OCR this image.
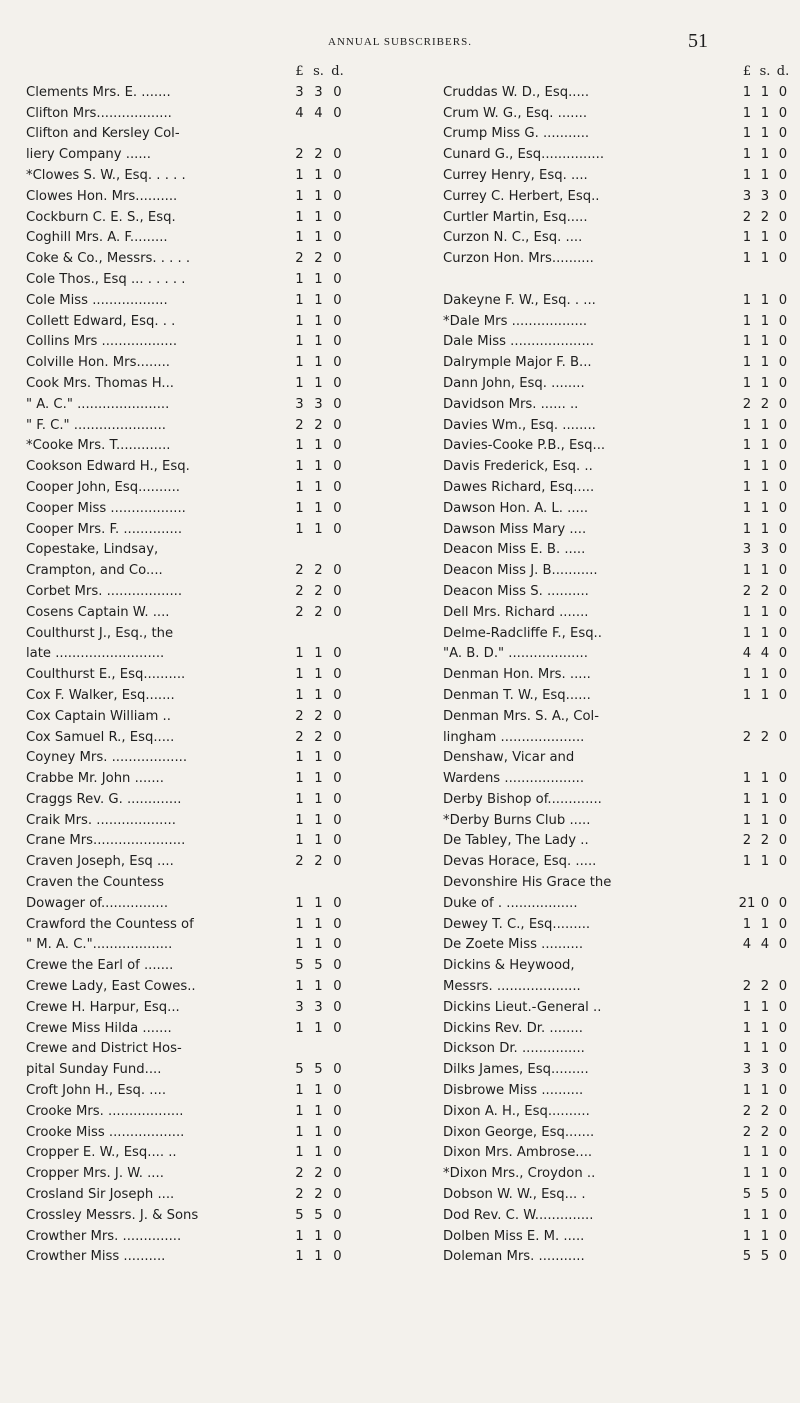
ANNUAL SUBSCRIBERS.	51
£ s. d.
Clements Mrs. E. .......	3 3 0
Clifton Mrs..................	4 4 0
Clifton and Kersley Col-
liery Company ......	2 2 0
*Clowes S. W., Esq. . . . .	1 1 0
Clowes Hon. Mrs..........	1 1 0
Cockburn C. E. S., Esq.	1 1 0
Coghill Mrs. A. F.........	1 1 0
Coke & Co., Messrs. . . . .	2 2 0
Cole Thos., Esq ... . . . . .	1 1 0
Cole Miss ..................	1 1 0
Collett Edward, Esq. . .	1 1 0
Collins Mrs ..................	1 1 0
Colville Hon. Mrs........	1 1 0
Cook Mrs. Thomas H...	1 1 0
" A. C." ......................	3 3 0
" F. C." ......................	2 2 0
*Cooke Mrs. T.............	1 1 0
Cookson Edward H., Esq.	1 1 0
Cooper John, Esq..........	1 1 0
Cooper Miss ..................	1 1 0
Cooper Mrs. F. ..............	1 1 0
Copestake, Lindsay,
Crampton, and Co....	2 2 0
Corbet Mrs. ..................	2 2 0
Cosens Captain W. ....	2 2 0
Coulthurst J., Esq., the
late ..........................	1 1 0
Coulthurst E., Esq..........	1 1 0
Cox F. Walker, Esq.......	1 1 0
Cox Captain William ..	2 2 0
Cox Samuel R., Esq.....	2 2 0
Coyney Mrs. ..................	1 1 0
Crabbe Mr. John .......	1 1 0
Craggs Rev. G. .............	1 1 0
Craik Mrs. ...................	1 1 0
Crane Mrs......................	1 1 0
Craven Joseph, Esq ....	2 2 0
Craven the Countess
Dowager of................	1 1 0
Crawford the Countess of	1 1 0
" M. A. C."...................	1 1 0
Crewe the Earl of .......	5 5 0
Crewe Lady, East Cowes..	1 1 0
Crewe H. Harpur, Esq...	3 3 0
Crewe Miss Hilda .......	1 1 0
Crewe and District Hos-
pital Sunday Fund....	5 5 0
Croft John H., Esq. ....	1 1 0
Crooke Mrs. ..................	1 1 0
Crooke Miss ..................	1 1 0
Cropper E. W., Esq.... ..	1 1 0
Cropper Mrs. J. W. ....	2 2 0
Crosland Sir Joseph ....	2 2 0
Crossley Messrs. J. & Sons	5 5 0
Crowther Mrs. ..............	1 1 0
Crowther Miss ..........	1 1 0
£ s. d.
Cruddas W. D., Esq.....	1 1 0
Crum W. G., Esq. .......	1 1 0
Crump Miss G. ...........	1 1 0
Cunard G., Esq...............	1 1 0
Currey Henry, Esq. ....	1 1 0
Currey C. Herbert, Esq..	3 3 0
Curtler Martin, Esq.....	2 2 0
Curzon N. C., Esq. ....	1 1 0
Curzon Hon. Mrs..........	1 1 0
Dakeyne F. W., Esq. . ...	1 1 0
*Dale Mrs ..................	1 1 0
Dale Miss ....................	1 1 0
Dalrymple Major F. B...	1 1 0
Dann John, Esq. ........	1 1 0
Davidson Mrs. ...... ..	2 2 0
Davies Wm., Esq. ........	1 1 0
Davies-Cooke P.B., Esq...	1 1 0
Davis Frederick, Esq. ..	1 1 0
Dawes Richard, Esq.....	1 1 0
Dawson Hon. A. L. .....	1 1 0
Dawson Miss Mary ....	1 1 0
Deacon Miss E. B. .....	3 3 0
Deacon Miss J. B...........	1 1 0
Deacon Miss S. ..........	2 2 0
Dell Mrs. Richard .......	1 1 0
Delme-Radcliffe F., Esq..	1 1 0
"A. B. D." ...................	4 4 0
Denman Hon. Mrs. .....	1 1 0
Denman T. W., Esq......	1 1 0
Denman Mrs. S. A., Col-
lingham ....................	2 2 0
Denshaw, Vicar and
Wardens ...................	1 1 0
Derby Bishop of.............	1 1 0
*Derby Burns Club .....	1 1 0
De Tabley, The Lady ..	2 2 0
Devas Horace, Esq. .....	1 1 0
Devonshire His Grace the
Duke of . .................	21 0 0
Dewey T. C., Esq.........	1 1 0
De Zoete Miss ..........	4 4 0
Dickins & Heywood,
Messrs. ....................	2 2 0
Dickins Lieut.-General ..	1 1 0
Dickins Rev. Dr. ........	1 1 0
Dickson Dr. ...............	1 1 0
Dilks James, Esq.........	3 3 0
Disbrowe Miss ..........	1 1 0
Dixon A. H., Esq..........	2 2 0
Dixon George, Esq.......	2 2 0
Dixon Mrs. Ambrose....	1 1 0
*Dixon Mrs., Croydon ..	1 1 0
Dobson W. W., Esq... .	5 5 0
Dod Rev. C. W..............	1 1 0
Dolben Miss E. M. .....	1 1 0
Doleman Mrs. ...........	5 5 0
